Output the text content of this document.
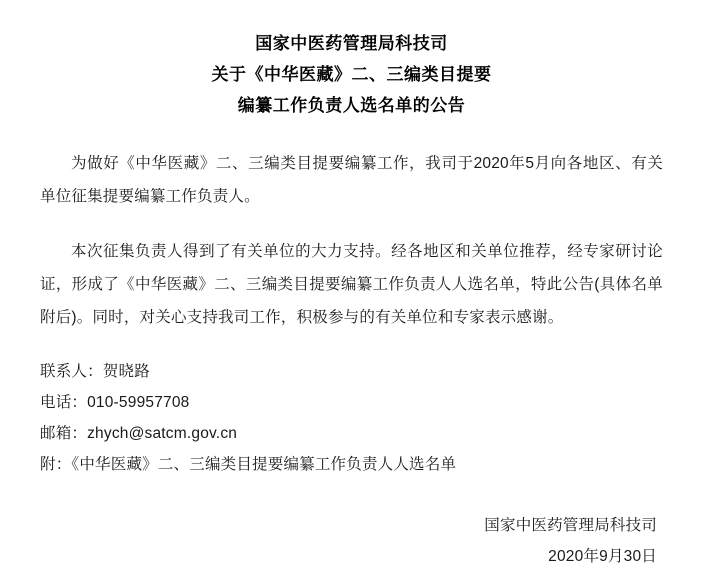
国家中医药管理局科技司
关于《中华医藏》二、三编类目提要
编纂工作负责人选名单的公告

为做好《中华医藏》二、三编类目提要编纂工作，我司于2020年5月向各地区、有关单位征集提要编纂工作负责人。

本次征集负责人得到了有关单位的大力支持。经各地区和关单位推荐，经专家研讨论证，形成了《中华医藏》二、三编类目提要编纂工作负责人人选名单，特此公告(具体名单附后)。同时，对关心支持我司工作，积极参与的有关单位和专家表示感谢。

联系人：贺晓路
电话：010-59957708
邮箱：zhych@satcm.gov.cn
附：《中华医藏》二、三编类目提要编纂工作负责人人选名单
国家中医药管理局科技司
2020年9月30日
